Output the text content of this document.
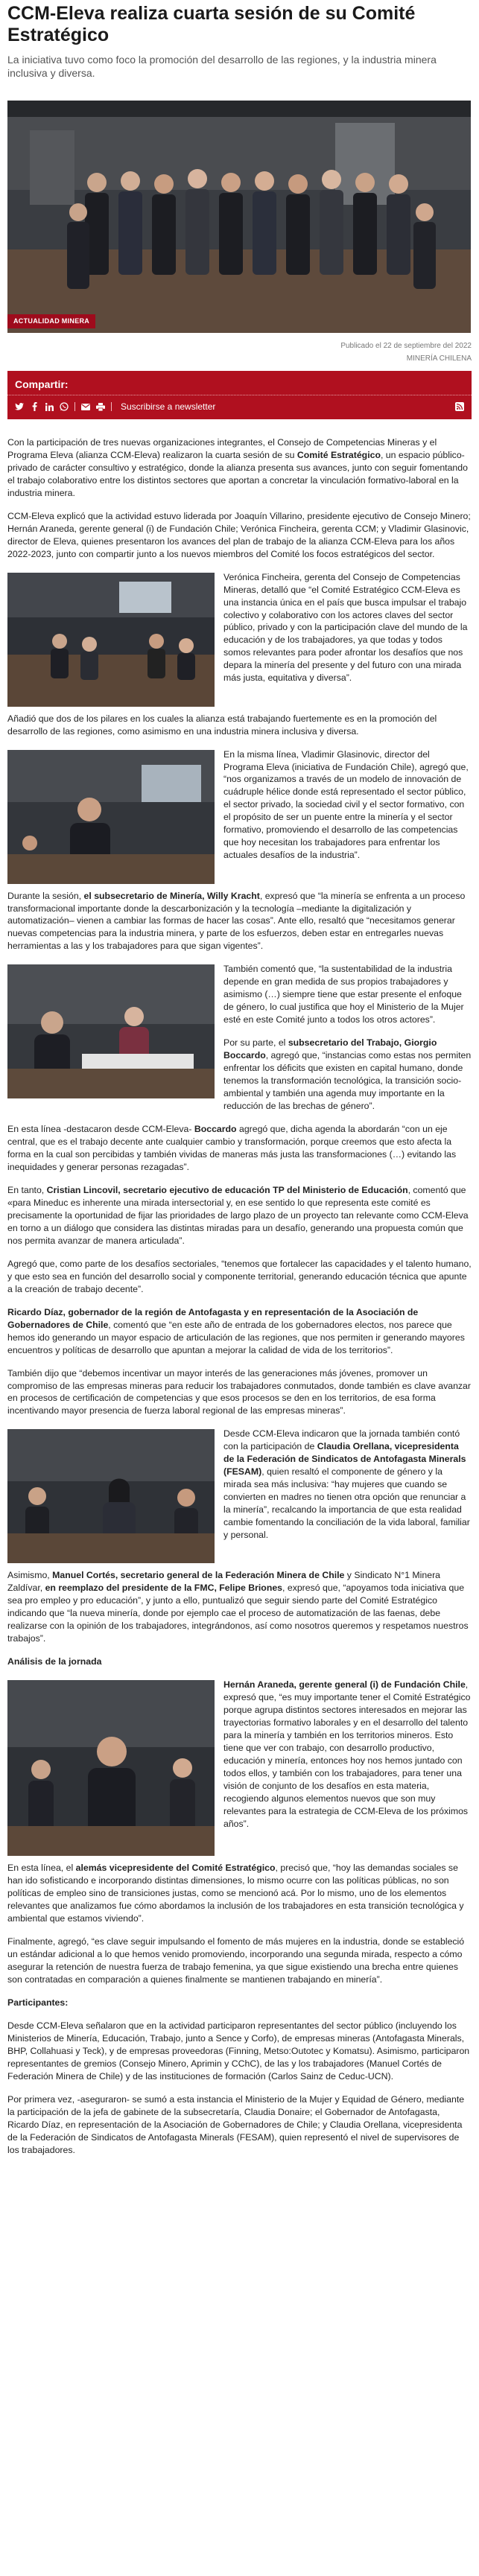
CCM-Eleva realiza cuarta sesión de su Comité Estratégico

La iniciativa tuvo como foco la promoción del desarrollo de las regiones, y la industria minera inclusiva y diversa.

ACTUALIDAD MINERA
Publicado el 22 de septiembre del 2022
MINERÍA CHILENA
Compartir:
Suscribirse a newsletter

Con la participación de tres nuevas organizaciones integrantes, el Consejo de Competencias Mineras y el Programa Eleva (alianza CCM-Eleva) realizaron la cuarta sesión de su Comité Estratégico, un espacio público-privado de carácter consultivo y estratégico, donde la alianza presenta sus avances, junto con seguir fomentando el trabajo colaborativo entre los distintos sectores que aportan a concretar la vinculación formativo-laboral en la industria minera.

CCM-Eleva explicó que la actividad estuvo liderada por Joaquín Villarino, presidente ejecutivo de Consejo Minero; Hernán Araneda, gerente general (i) de Fundación Chile; Verónica Fincheira, gerenta CCM; y Vladimir Glasinovic, director de Eleva, quienes presentaron los avances del plan de trabajo de la alianza CCM-Eleva para los años 2022-2023, junto con compartir junto a los nuevos miembros del Comité los focos estratégicos del sector.

Verónica Fincheira, gerenta del Consejo de Competencias Mineras, detalló que “el Comité Estratégico CCM-Eleva es una instancia única en el país que busca impulsar el trabajo colectivo y colaborativo con los actores claves del sector público, privado y con la participación clave del mundo de la educación y de los trabajadores, ya que todas y todos somos relevantes para poder afrontar los desafíos que nos depara la minería del presente y del futuro con una mirada más justa, equitativa y diversa”.

Añadió que dos de los pilares en los cuales la alianza está trabajando fuertemente es en la promoción del desarrollo de las regiones, como asimismo en una industria minera inclusiva y diversa.

En la misma línea, Vladimir Glasinovic, director del Programa Eleva (iniciativa de Fundación Chile), agregó que, “nos organizamos a través de un modelo de innovación de cuádruple hélice donde está representado el sector público, el sector privado, la sociedad civil y el sector formativo, con el propósito de ser un puente entre la minería y el sector formativo, promoviendo el desarrollo de las competencias que hoy necesitan los trabajadores para enfrentar los actuales desafíos de la industria”.

Durante la sesión, el subsecretario de Minería, Willy Kracht, expresó que “la minería se enfrenta a un proceso transformacional importante donde la descarbonización y la tecnología –mediante la digitalización y automatización– vienen a cambiar las formas de hacer las cosas”. Ante ello, resaltó que “necesitamos generar nuevas competencias para la industria minera, y parte de los esfuerzos, deben estar en entregarles nuevas herramientas a las y los trabajadores para que sigan vigentes”.

También comentó que, “la sustentabilidad de la industria depende en gran medida de sus propios trabajadores y asimismo (…) siempre tiene que estar presente el enfoque de género, lo cual justifica que hoy el Ministerio de la Mujer esté en este Comité junto a todos los otros actores”.

Por su parte, el subsecretario del Trabajo, Giorgio Boccardo, agregó que, “instancias como estas nos permiten enfrentar los déficits que existen en capital humano, donde tenemos la transformación tecnológica, la transición socio-ambiental y también una agenda muy importante en la reducción de las brechas de género”.

En esta línea -destacaron desde CCM-Eleva- Boccardo agregó que, dicha agenda la abordarán “con un eje central, que es el trabajo decente ante cualquier cambio y transformación, porque creemos que esto afecta la forma en la cual son percibidas y también vividas de maneras más justa las transformaciones (…) evitando las inequidades y generar personas rezagadas”.

En tanto, Cristian Lincovil, secretario ejecutivo de educación TP del Ministerio de Educación, comentó que «para Mineduc es inherente una mirada intersectorial y, en ese sentido lo que representa este comité es precisamente la oportunidad de fijar las prioridades de largo plazo de un proyecto tan relevante como CCM-Eleva en torno a un diálogo que considera las distintas miradas para un desafío, generando una propuesta común que nos permita avanzar de manera articulada”.

Agregó que, como parte de los desafíos sectoriales, “tenemos que fortalecer las capacidades y el talento humano, y que esto sea en función del desarrollo social y componente territorial, generando educación técnica que apunte a la creación de trabajo decente”.

Ricardo Díaz, gobernador de la región de Antofagasta y en representación de la Asociación de Gobernadores de Chile, comentó que “en este año de entrada de los gobernadores electos, nos parece que hemos ido generando un mayor espacio de articulación de las regiones, que nos permiten ir generando mayores encuentros y políticas de desarrollo que apuntan a mejorar la calidad de vida de los territorios”.

También dijo que “debemos incentivar un mayor interés de las generaciones más jóvenes, promover un compromiso de las empresas mineras para reducir los trabajadores conmutados, donde también es clave avanzar en procesos de certificación de competencias y que esos procesos se den en los territorios, de esa forma incentivando mayor presencia de fuerza laboral regional de las empresas mineras”.

Desde CCM-Eleva indicaron que la jornada también contó con la participación de Claudia Orellana, vicepresidenta de la Federación de Sindicatos de Antofagasta Minerals (FESAM), quien resaltó el componente de género y la mirada sea más inclusiva: “hay mujeres que cuando se convierten en madres no tienen otra opción que renunciar a la minería”, recalcando la importancia de que esta realidad cambie fomentando la conciliación de la vida laboral, familiar y personal.

Asimismo, Manuel Cortés, secretario general de la Federación Minera de Chile y Sindicato N°1 Minera Zaldívar, en reemplazo del presidente de la FMC, Felipe Briones, expresó que, “apoyamos toda iniciativa que sea pro empleo y pro educación”, y junto a ello, puntualizó que seguir siendo parte del Comité Estratégico indicando que “la nueva minería, donde por ejemplo cae el proceso de automatización de las faenas, debe realizarse con la opinión de los trabajadores, integrándonos, así como nosotros queremos y respetamos nuestros trabajos”.

Análisis de la jornada

Hernán Araneda, gerente general (i) de Fundación Chile, expresó que, “es muy importante tener el Comité Estratégico porque agrupa distintos sectores interesados en mejorar las trayectorias formativo laborales y en el desarrollo del talento para la minería y también en los territorios mineros. Esto tiene que ver con trabajo, con desarrollo productivo, educación y minería, entonces hoy nos hemos juntado con todos ellos, y también con los trabajadores, para tener una visión de conjunto de los desafíos en esta materia, recogiendo algunos elementos nuevos que son muy relevantes para la estrategia de CCM-Eleva de los próximos años”.

En esta línea, el alemás vicepresidente del Comité Estratégico, precisó que, “hoy las demandas sociales se han ido sofisticando e incorporando distintas dimensiones, lo mismo ocurre con las políticas públicas, no son políticas de empleo sino de transiciones justas, como se mencionó acá. Por lo mismo, uno de los elementos relevantes que analizamos fue cómo abordamos la inclusión de los trabajadores en esta transición tecnológica y ambiental que estamos viviendo”.

Finalmente, agregó, “es clave seguir impulsando el fomento de más mujeres en la industria, donde se estableció un estándar adicional a lo que hemos venido promoviendo, incorporando una segunda mirada, respecto a cómo asegurar la retención de nuestra fuerza de trabajo femenina, ya que sigue existiendo una brecha entre quienes son contratadas en comparación a quienes finalmente se mantienen trabajando en minería”.

Participantes:

Desde CCM-Eleva señalaron que en la actividad participaron representantes del sector público (incluyendo los Ministerios de Minería, Educación, Trabajo, junto a Sence y Corfo), de empresas mineras (Antofagasta Minerals, BHP, Collahuasi y Teck), y de empresas proveedoras (Finning, Metso:Outotec y Komatsu). Asimismo, participaron representantes de gremios (Consejo Minero, Aprimin y CChC), de las y los trabajadores (Manuel Cortés de Federación Minera de Chile) y de las instituciones de formación (Carlos Sainz de Ceduc-UCN).

Por primera vez, -aseguraron- se sumó a esta instancia el Ministerio de la Mujer y Equidad de Género, mediante la participación de la jefa de gabinete de la subsecretaría, Claudia Donaire; el Gobernador de Antofagasta, Ricardo Díaz, en representación de la Asociación de Gobernadores de Chile; y Claudia Orellana, vicepresidenta de la Federación de Sindicatos de Antofagasta Minerals (FESAM), quien representó el nivel de supervisores de los trabajadores.
